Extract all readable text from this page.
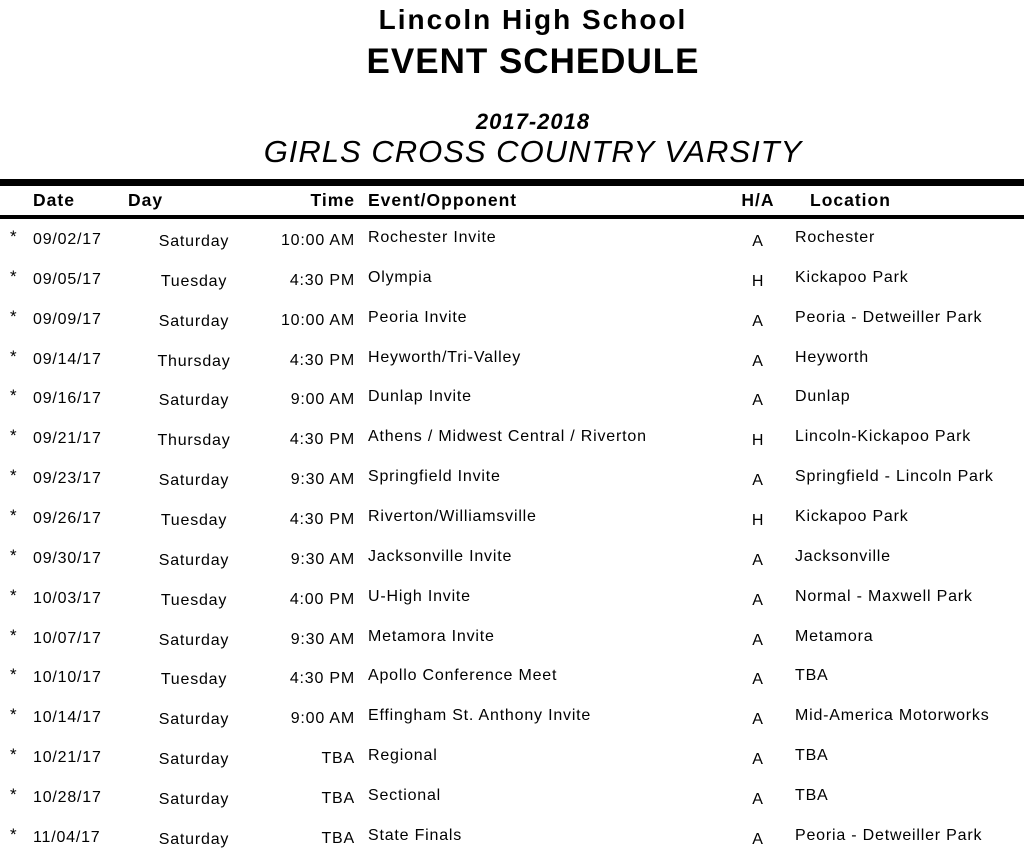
Lincoln High School
EVENT SCHEDULE
2017-2018
GIRLS CROSS COUNTRY VARSITY
Date	Day	Time Event/Opponent	H/A	Location
* 09/02/17	Saturday	10:00 AM Rochester Invite	A	Rochester
* 09/05/17	Tuesday	4:30 PM Olympia	H	Kickapoo Park
* 09/09/17	Saturday	10:00 AM Peoria Invite	A	Peoria - Detweiller Park
* 09/14/17	Thursday	4:30 PM Heyworth/Tri-Valley	A	Heyworth
* 09/16/17	Saturday	9:00 AM Dunlap Invite	A	Dunlap
* 09/21/17	Thursday	4:30 PM Athens / Midwest Central / Riverton	H	Lincoln-Kickapoo Park
* 09/23/17	Saturday	9:30 AM Springfield Invite	A	Springfield - Lincoln Park
* 09/26/17	Tuesday	4:30 PM Riverton/Williamsville	H	Kickapoo Park
* 09/30/17	Saturday	9:30 AM Jacksonville Invite	A	Jacksonville
* 10/03/17	Tuesday	4:00 PM U-High Invite	A	Normal - Maxwell Park
* 10/07/17	Saturday	9:30 AM Metamora Invite	A	Metamora
* 10/10/17	Tuesday	4:30 PM Apollo Conference Meet	A	TBA
* 10/14/17	Saturday	9:00 AM Effingham St. Anthony Invite	A	Mid-America Motorworks
* 10/21/17	Saturday	TBA Regional	A	TBA
* 10/28/17	Saturday	TBA Sectional	A	TBA
* 11/04/17	Saturday	TBA State Finals	A	Peoria - Detweiller Park
